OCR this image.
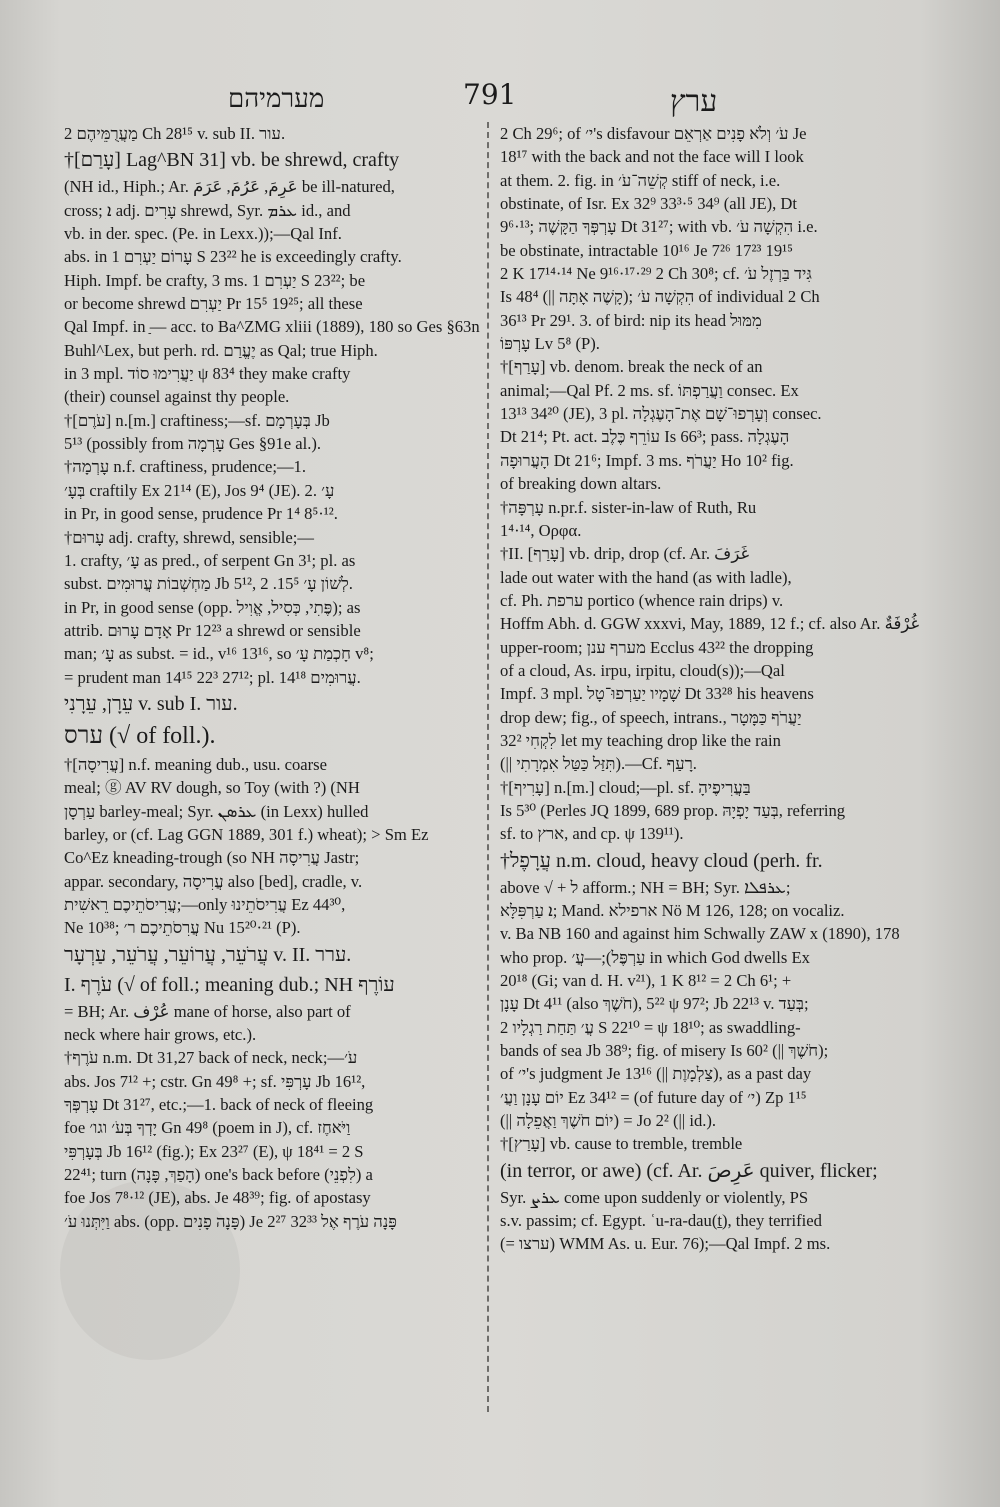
מערמיהם	791	ערץ
מַעֲרֻמֵּיהֶם 2 Ch 28¹⁵ v. sub II. עור.
†[עָרַם] Lag^BN 31] vb. be shrewd, crafty
(NH id., Hiph.; Ar. عَرِمَ, عَرُمَ, عَرَمَ be ill-natured,
cross; ܐ adj. עָרִים shrewd, Syr. ܥܪܡ id., and
vb. in der. spec. (Pe. in Lexx.));—Qal Inf.
abs. in עָרוֹם יַעְרִם 1 S 23²² he is exceedingly crafty.
Hiph. Impf. be crafty, 3 ms. יַעְרִם 1 S 23²²; be
or become shrewd יַעְרִם Pr 15⁵ 19²⁵; all these
Qal Impf. in ַ— acc. to Ba^ZMG xliii (1889), 180 so Ges §63n
Buhl^Lex, but perh. rd. יֶעֱרַם as Qal; true Hiph.
in 3 mpl. יַעֲרִימוּ סוֹד ψ 83⁴ they make crafty
(their) counsel against thy people.
†[עֹרֶם] n.[m.] craftiness;—sf. בְּעָרְמָם Jb
5¹³ (possibly from עָרְמָה Ges §91e al.).
†עָרְמָה n.f. craftiness, prudence;—1.
בְּעָ׳ craftily Ex 21¹⁴ (E), Jos 9⁴ (JE). 2. עָ׳
in Pr, in good sense, prudence Pr 1⁴ 8⁵·¹².
†עָרוּם adj. crafty, shrewd, sensible;—
1. crafty, עָ׳ as pred., of serpent Gn 3¹; pl. as
subst. מַחְשְׁבוֹת עֲרוּמִים Jb 5¹², לְשׁוֹן עָ׳ 15⁵. 2.
in Pr, in good sense (opp. פֶּתִי, כְּסִיל, אֱוִיל); as
attrib. אָדָם עָרוּם Pr 12²³ a shrewd or sensible
man; עָ׳ as subst. = id., v¹⁶ 13¹⁶, so חָכְמַת עָ׳ v⁸;
= prudent man 14¹⁵ 22³ 27¹²; pl. עֲרוּמִים 14¹⁸.
עֵרָן, עֵרָנִי v. sub I. עור.
ערס (√ of foll.).
†[עֲרִיסָה] n.f. meaning dub., usu. coarse
meal; ⓖ AV RV dough, so Toy (with ?) (NH
עַרְסָן barley-meal; Syr. ܥܪܣܢ (in Lexx) hulled
barley, or (cf. Lag GGN 1889, 301 f.) wheat); > Sm Ez
Co^Ez kneading-trough (so NH עֲרִיסָה Jastr;
appar. secondary, עֲרִיסָה also [bed], cradle, v.
עֲרִיסֹתֵיכֶם רֵאשִׁית;—only עֲרִיסֹתֵינוּ Ez 44³⁰,
Ne 10³⁸; עֲרִסֹתֵיכֶם ר׳ Nu 15²⁰·²¹ (P).
עֲרֹעֵר, עֲרוֹעֵר, עֲרֹעֵר, עַרְעָר v. II. ערר.
I. עֹרֶף (√ of foll.; meaning dub.; NH עוֹרֶף
= BH; Ar. عُرْف mane of horse, also part of
neck where hair grows, etc.).
†עֹרֶף n.m. Dt 31,27 back of neck, neck;—עֹ׳
abs. Jos 7¹² +; cstr. Gn 49⁸ +; sf. עָרְפִּי Jb 16¹²,
עָרְפְּךָ Dt 31²⁷, etc.;—1. back of neck of fleeing
foe יָדְךָ בְּעֹ׳ וגו׳ Gn 49⁸ (poem in J), cf. וַיֹּאחֶז
בְּעָרְפִּי Jb 16¹² (fig.); Ex 23²⁷ (E), ψ 18⁴¹ = 2 S
22⁴¹; turn (הָפַךְ, פָּנָה) one's back before (לִפְנֵי) a
foe Jos 7⁸·¹² (JE), abs. Je 48³⁹; fig. of apostasy
וַיִּתְּנוּ עֹ׳ abs. (opp. פָּנָה פָנִים) Je 2²⁷ 32³³ פָּנָה עֹרֶף אֶל
2 Ch 29⁶; of י׳'s disfavour עֹ׳ וְלֹא פָנִים אַרְאֵם Je
18¹⁷ with the back and not the face will I look
at them. 2. fig. in קְשֵׁה־עֹ׳ stiff of neck, i.e.
obstinate, of Isr. Ex 32⁹ 33³·⁵ 34⁹ (all JE), Dt
9⁶·¹³; עָרְפְּךָ הַקָּשֶׁה Dt 31²⁷; with vb. הִקְשָׁה עֹ׳ i.e.
be obstinate, intractable 10¹⁶ Je 7²⁶ 17²³ 19¹⁵
2 K 17¹⁴·¹⁴ Ne 9¹⁶·¹⁷·²⁹ 2 Ch 30⁸; cf. גִּיד בַּרְזֶל עֹ׳
Is 48⁴ (|| קָשֶׁה אָתָּה); הִקְשָׁה עֹ׳ of individual 2 Ch
36¹³ Pr 29¹. 3. of bird: nip its head מִמּוּל
עָרְפּוֹ Lv 5⁸ (P).
†[עָרַף] vb. denom. break the neck of an
animal;—Qal Pf. 2 ms. sf. וַעֲרַפְתּוֹ consec. Ex
13¹³ 34²⁰ (JE), 3 pl. וְעָרְפוּ־שָׁם אֶת־הָעֶגְלָה consec.
Dt 21⁴; Pt. act. עוֹרֵף כֶּלֶב Is 66³; pass. הָעֶגְלָה
הָעֲרוּפָה Dt 21⁶; Impf. 3 ms. יַעֲרֹף Ho 10² fig.
of breaking down altars.
†עָרְפָּה n.pr.f. sister-in-law of Ruth, Ru
1⁴·¹⁴, Ορφα.
†II. [עָרַף] vb. drip, drop (cf. Ar. غَرَفَ
lade out water with the hand (as with ladle),
cf. Ph. ערפת portico (whence rain drips) v.
Hoffm Abh. d. GGW xxxvi, May, 1889, 12 f.; cf. also Ar. غُرْفَةٌ
upper-room; מערף ענן Ecclus 43²² the dropping
of a cloud, As. irpu, irpitu, cloud(s));—Qal
Impf. 3 mpl. שָׁמָיו יַעַרְפוּ־טָל Dt 33²⁸ his heavens
drop dew; fig., of speech, intrans., יַעֲרֹף כַּמָּטָר
לִקְחִי 32² let my teaching drop like the rain
(|| תִּזַּל כַּטַּל אִמְרָתִי).—Cf. רָעַף.
†[עָרִיף] n.[m.] cloud;—pl. sf. בַּעֲרִיפֶיהָ
Is 5³⁰ (Perles JQ 1899, 689 prop. בְּעַד יָפְיָהּ, referring
sf. to ארץ, and cp. ψ 139¹¹).
†עֲרָפֶל n.m. cloud, heavy cloud (perh. fr.
above √ + ל afform.; NH = BH; Syr. ܥܪܦܠܐ;
ܐ עַרְפִּלָּא; Mand. ארפילא Nö M 126, 128; on vocaliz.
v. Ba NB 160 and against him Schwally ZAW x (1890), 178
who prop. עַרְפֶּל);—עֲ׳ in which God dwells Ex
20¹⁸ (Gi; van d. H. v²¹), 1 K 8¹² = 2 Ch 6¹; +
עָנָן Dt 4¹¹ (also חֹשֶׁךְ), 5²² ψ 97²; Jb 22¹³ v. בְּעַד;
עֲ׳ תַּחַת רַגְלָיו 2 S 22¹⁰ = ψ 18¹⁰; as swaddling-
bands of sea Jb 38⁹; fig. of misery Is 60² (|| חֹשֶׁךְ);
of י׳'s judgment Je 13¹⁶ (|| צַלְמָוֶת), as a past day
יוֹם עָנָן וַעֲ׳ Ez 34¹² = (of future day of י׳) Zp 1¹⁵
(|| יוֹם חֹשֶׁךְ וַאֲפֵלָה) = Jo 2² (|| id.).
†[עָרַץ] vb. cause to tremble, tremble
(in terror, or awe) (cf. Ar. عَرِصَ quiver, flicker;
Syr. ܥܪܨ come upon suddenly or violently, PS
s.v. passim; cf. Egypt. ʿu-ra-dau(ṯ), they terrified
(= ערצו) WMM As. u. Eur. 76);—Qal Impf. 2 ms.
